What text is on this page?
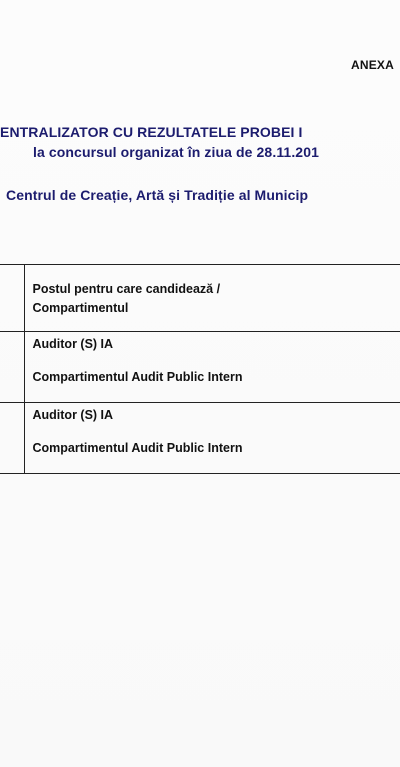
ANEXA
ENTRALIZATOR CU REZULTATELE PROBEI I
la concursul organizat în ziua de 28.11.201
Centrul de Creație, Artă și Tradiție al Municip

	Postul pentru care candidează /
Compartimentul

	Auditor (S) IA
Compartimentul Audit Public Intern

	Auditor (S) IA
Compartimentul Audit Public Intern
